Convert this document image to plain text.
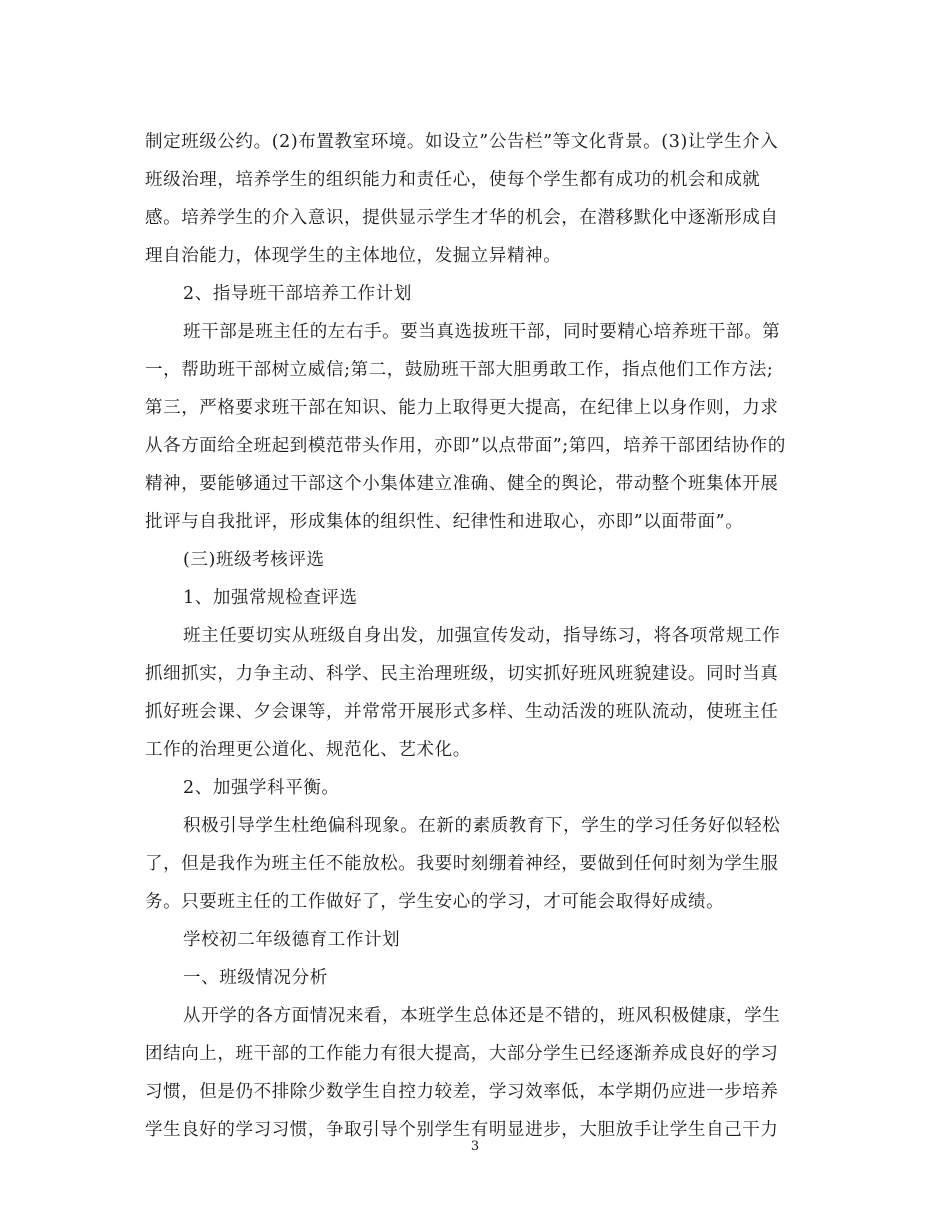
制定班级公约。(2)布置教室环境。如设立”公告栏”等文化背景。(3)让学生介入
班级治理，培养学生的组织能力和责任心，使每个学生都有成功的机会和成就
感。培养学生的介入意识，提供显示学生才华的机会，在潜移默化中逐渐形成自
理自治能力，体现学生的主体地位，发掘立异精神。
2、指导班干部培养工作计划
班干部是班主任的左右手。要当真选拔班干部，同时要精心培养班干部。第
一，帮助班干部树立威信;第二，鼓励班干部大胆勇敢工作，指点他们工作方法;
第三，严格要求班干部在知识、能力上取得更大提高，在纪律上以身作则，力求
从各方面给全班起到模范带头作用，亦即”以点带面”;第四，培养干部团结协作的
精神，要能够通过干部这个小集体建立准确、健全的舆论，带动整个班集体开展
批评与自我批评，形成集体的组织性、纪律性和进取心，亦即”以面带面”。
(三)班级考核评选
1、加强常规检查评选
班主任要切实从班级自身出发，加强宣传发动，指导练习，将各项常规工作
抓细抓实，力争主动、科学、民主治理班级，切实抓好班风班貌建设。同时当真
抓好班会课、夕会课等，并常常开展形式多样、生动活泼的班队流动，使班主任
工作的治理更公道化、规范化、艺术化。
2、加强学科平衡。
积极引导学生杜绝偏科现象。在新的素质教育下，学生的学习任务好似轻松
了，但是我作为班主任不能放松。我要时刻绷着神经，要做到任何时刻为学生服
务。只要班主任的工作做好了，学生安心的学习，才可能会取得好成绩。
学校初二年级德育工作计划
一、班级情况分析
从开学的各方面情况来看，本班学生总体还是不错的，班风积极健康，学生
团结向上，班干部的工作能力有很大提高，大部分学生已经逐渐养成良好的学习
习惯，但是仍不排除少数学生自控力较差，学习效率低，本学期仍应进一步培养
学生良好的学习习惯，争取引导个别学生有明显进步，大胆放手让学生自己干力
3
